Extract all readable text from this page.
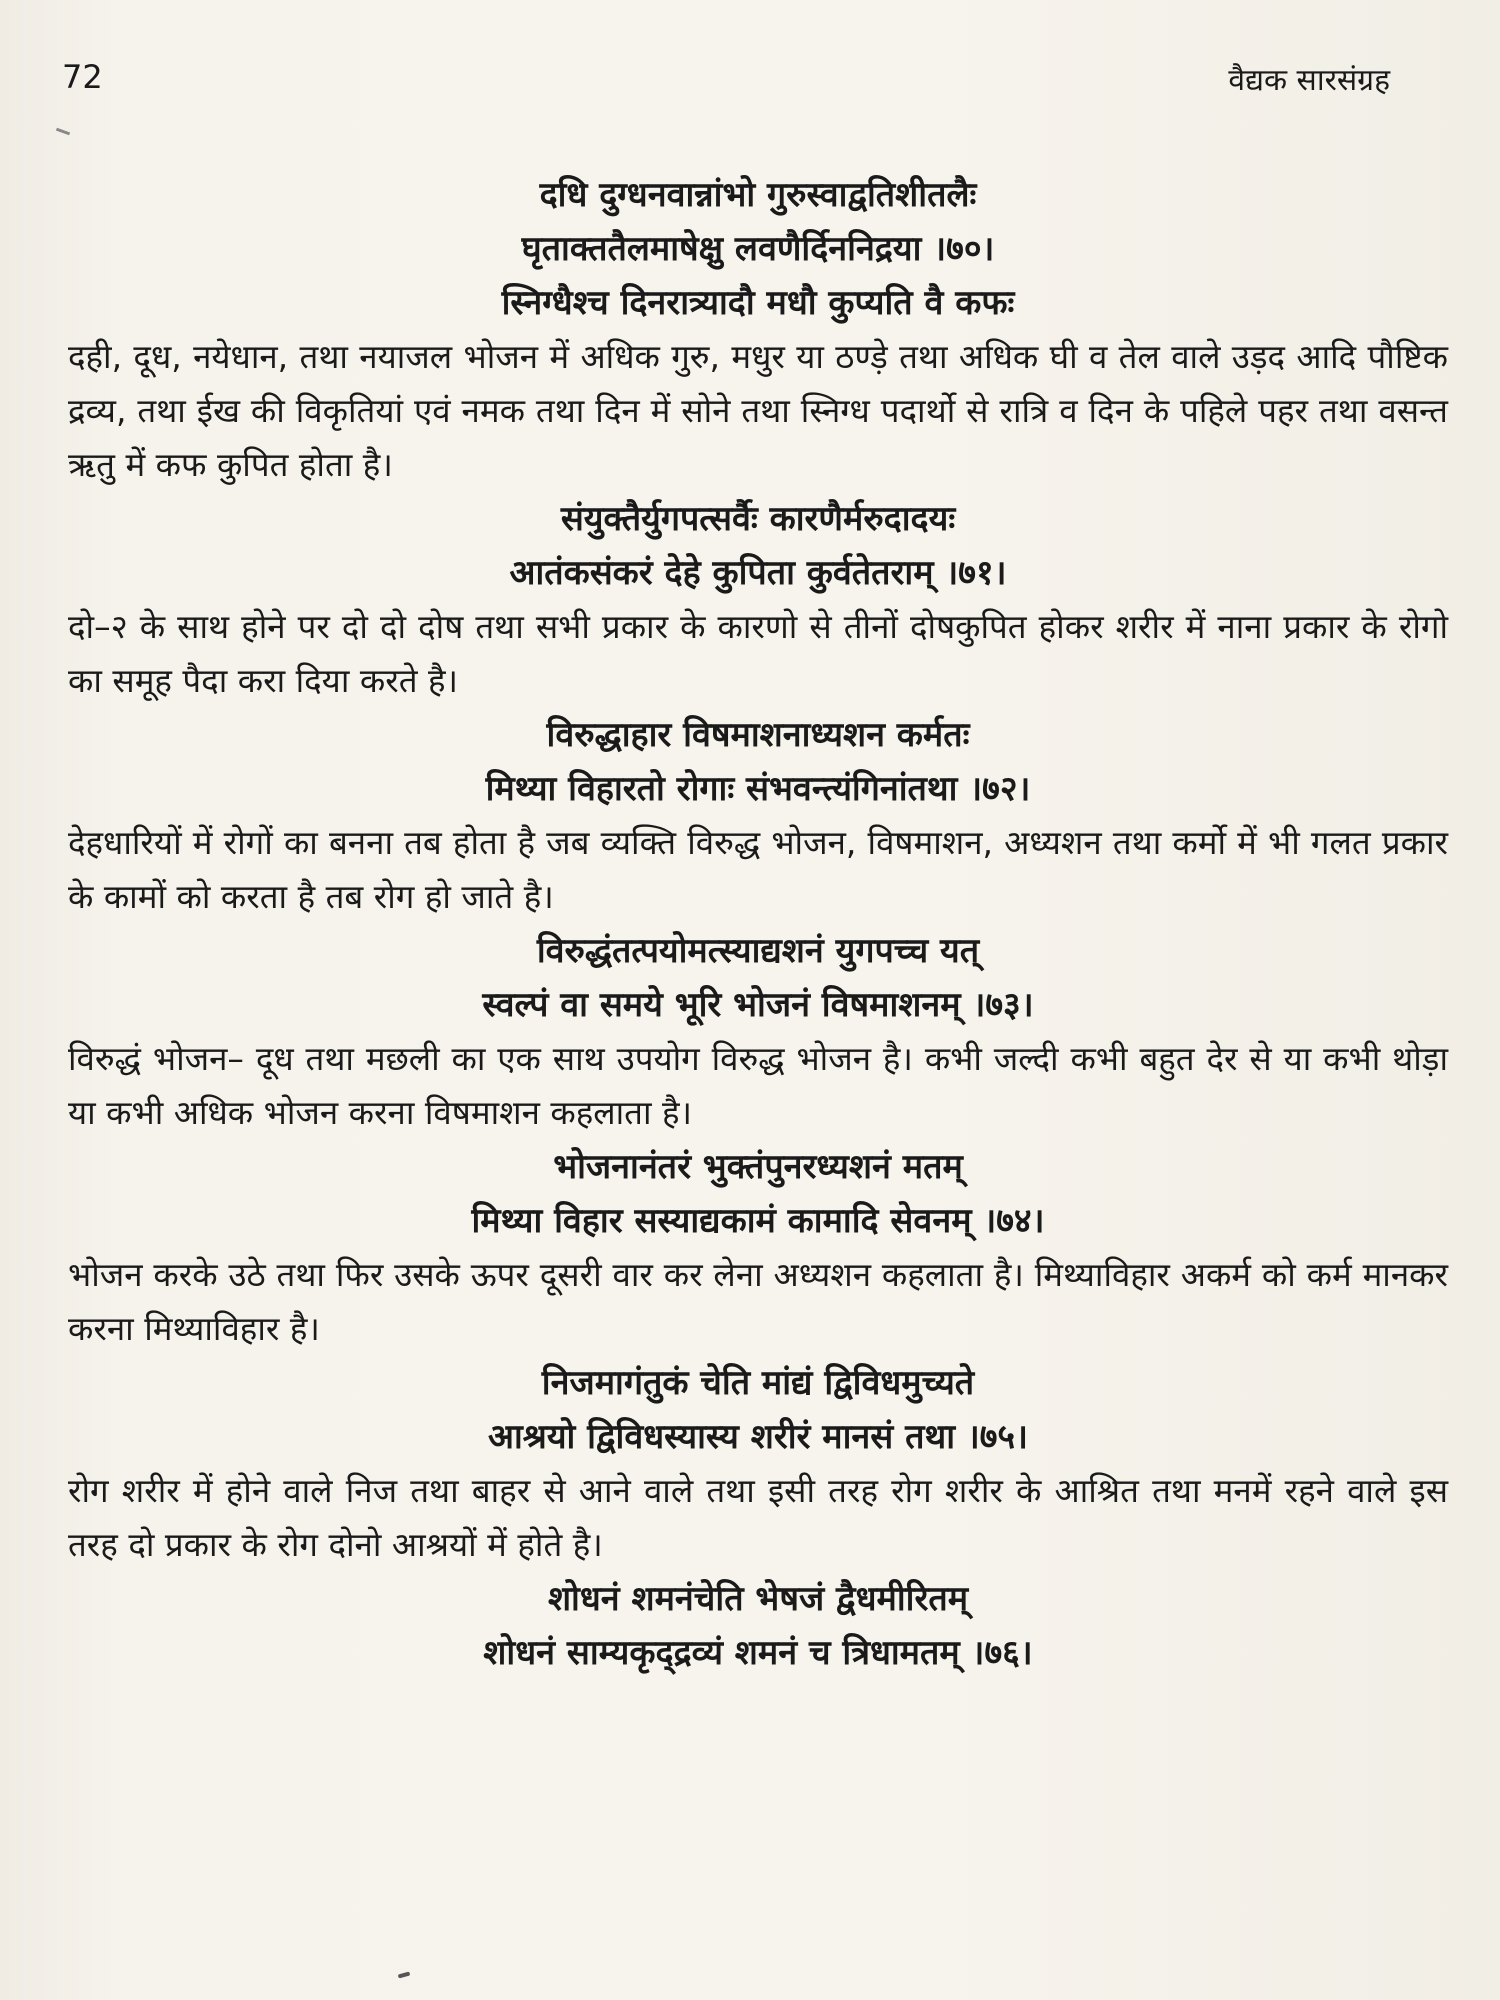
72	वैद्यक सारसंग्रह
दधि दुग्धनवान्नांभो गुरुस्वाद्वतिशीतलैः
घृताक्ततैलमाषेक्षु लवणैर्दिननिद्रया ।७०।
स्निग्धैश्च दिनरात्र्यादौ मधौ कुप्यति वै कफः

दही, दूध, नयेधान, तथा नयाजल भोजन में अधिक गुरु, मधुर या ठण्ड़े तथा अधिक घी व तेल वाले उड़द आदि पौष्टिक द्रव्य, तथा ईख की विकृतियां एवं नमक तथा दिन में सोने तथा स्निग्ध पदार्थो से रात्रि व दिन के पहिले पहर तथा वसन्त ऋतु में कफ कुपित होता है।

संयुक्तैर्युगपत्सर्वैः कारणैर्मरुदादयः
आतंकसंकरं देहे कुपिता कुर्वतेतराम् ।७१।

दो–२ के साथ होने पर दो दो दोष तथा सभी प्रकार के कारणो से तीनों दोषकुपित होकर शरीर में नाना प्रकार के रोगो का समूह पैदा करा दिया करते है।

विरुद्धाहार विषमाशनाध्यशन कर्मतः
मिथ्या विहारतो रोगाः संभवन्त्यंगिनांतथा ।७२।

देहधारियों में रोगों का बनना तब होता है जब व्यक्ति विरुद्ध भोजन, विषमाशन, अध्यशन तथा कर्मो में भी गलत प्रकार के कामों को करता है तब रोग हो जाते है।

विरुद्धंतत्पयोमत्स्याद्यशनं युगपच्च यत्
स्वल्पं वा समये भूरि भोजनं विषमाशनम् ।७३।

विरुद्धं भोजन– दूध तथा मछली का एक साथ उपयोग विरुद्ध भोजन है। कभी जल्दी कभी बहुत देर से या कभी थोड़ा या कभी अधिक भोजन करना विषमाशन कहलाता है।

भोजनानंतरं भुक्तंपुनरध्यशनं मतम्
मिथ्या विहार सस्याद्यकामं कामादि सेवनम् ।७४।

भोजन करके उठे तथा फिर उसके ऊपर दूसरी वार कर लेना अध्यशन कहलाता है। मिथ्याविहार अकर्म को कर्म मानकर करना मिथ्याविहार है।

निजमागंतुकं चेति मांद्यं द्विविधमुच्यते
आश्रयो द्विविधस्यास्य शरीरं मानसं तथा ।७५।

रोग शरीर में होने वाले निज तथा बाहर से आने वाले तथा इसी तरह रोग शरीर के आश्रित तथा मनमें रहने वाले इस तरह दो प्रकार के रोग दोनो आश्रयों में होते है।

शोधनं शमनंचेति भेषजं द्वैधमीरितम्
शोधनं साम्यकृद्द्रव्यं शमनं च त्रिधामतम् ।७६।
